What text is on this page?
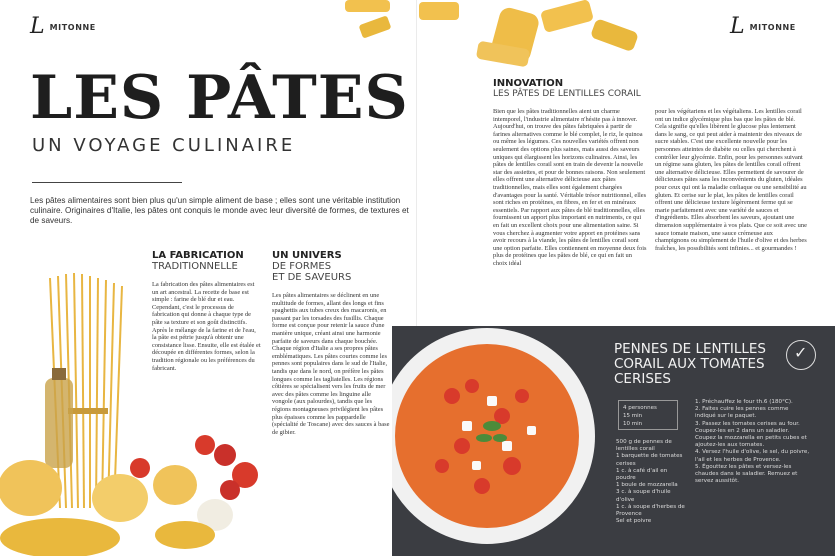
L MITONNE
LES PÂTES
UN VOYAGE CULINAIRE
Les pâtes alimentaires sont bien plus qu'un simple aliment de base ; elles sont une véritable institution culinaire. Originaires d'Italie, les pâtes ont conquis le monde avec leur diversité de formes, de textures et de saveurs.
LA FABRICATION
TRADITIONNELLE
La fabrication des pâtes alimentaires est un art ancestral. La recette de base est simple : farine de blé dur et eau. Cependant, c'est le processus de fabrication qui donne à chaque type de pâte sa texture et son goût distinctifs. Après le mélange de la farine et de l'eau, la pâte est pétrie jusqu'à obtenir une consistance lisse. Ensuite, elle est étalée et découpée en différentes formes, selon la tradition régionale ou les préférences du fabricant.
UN UNIVERS
DE FORMES
ET DE SAVEURS
Les pâtes alimentaires se déclinent en une multitude de formes, allant des longs et fins spaghettis aux tubes creux des macaronis, en passant par les torsades des fusillis. Chaque forme est conçue pour retenir la sauce d'une manière unique, créant ainsi une harmonie parfaite de saveurs dans chaque bouchée. Chaque région d'Italie a ses propres pâtes emblématiques. Les pâtes courtes comme les pennes sont populaires dans le sud de l'Italie, tandis que dans le nord, on préfère les pâtes longues comme les tagliatelles. Les régions côtières se spécialisent vers les fruits de mer avec des pâtes comme les linguine alle vongole (aux palourdes), tandis que les régions montagneuses privilégient les pâtes plus épaisses comme les pappardelle (spécialité de Toscane) avec des sauces à base de gibier.
L MITONNE
INNOVATION
LES PÂTES DE LENTILLES CORAIL
Bien que les pâtes traditionnelles aient un charme intemporel, l'industrie alimentaire n'hésite pas à innover. Aujourd'hui, on trouve des pâtes fabriquées à partir de farines alternatives comme le blé complet, le riz, le quinoa ou même les légumes. Ces nouvelles variétés offrent non seulement des options plus saines, mais aussi des saveurs uniques qui élargissent les horizons culinaires. Ainsi, les pâtes de lentilles corail sont en train de devenir la nouvelle star des assiettes, et pour de bonnes raisons. Non seulement elles offrent une alternative délicieuse aux pâtes traditionnelles, mais elles sont également chargées d'avantages pour la santé. Véritable trésor nutritionnel, elles sont riches en protéines, en fibres, en fer et en minéraux essentiels. Par rapport aux pâtes de blé traditionnelles, elles fournissent un apport plus important en nutriments, ce qui en fait un excellent choix pour une alimentation saine. Si vous cherchez à augmenter votre apport en protéines sans avoir recours à la viande, les pâtes de lentilles corail sont une option parfaite. Elles contiennent en moyenne deux fois plus de protéines que les pâtes de blé, ce qui en fait un choix idéal
pour les végétariens et les végétaliens. Les lentilles corail ont un indice glycémique plus bas que les pâtes de blé. Cela signifie qu'elles libèrent le glucose plus lentement dans le sang, ce qui peut aider à maintenir des niveaux de sucre stables. C'est une excellente nouvelle pour les personnes atteintes de diabète ou celles qui cherchent à contrôler leur glycémie. Enfin, pour les personnes suivant un régime sans gluten, les pâtes de lentilles corail offrent une alternative délicieuse. Elles permettent de savourer de délicieuses pâtes sans les inconvénients du gluten, idéales pour ceux qui ont la maladie cœliaque ou une sensibilité au gluten. Et cerise sur le plat, les pâtes de lentilles corail offrent une délicieuse texture légèrement ferme qui se marie parfaitement avec une variété de sauces et d'ingrédients. Elles absorbent les saveurs, ajoutant une dimension supplémentaire à vos plats. Que ce soit avec une sauce tomate maison, une sauce crémeuse aux champignons ou simplement de l'huile d'olive et des herbes fraîches, les possibilités sont infinies... et gourmandes !
PENNES DE LENTILLES CORAIL AUX TOMATES CERISES
✓
4 personnes
15 min
10 min
500 g de pennes de lentilles corail
1 barquette de tomates cerises
1 c. à café d'ail en poudre
1 boule de mozzarella
3 c. à soupe d'huile d'olive
1 c. à soupe d'herbes de Provence
Sel et poivre
1. Préchauffez le four th.6 (180°C).
2. Faites cuire les pennes comme indiqué sur le paquet.
3. Passez les tomates cerises au four. Coupez-les en 2 dans un saladier. Coupez la mozzarella en petits cubes et ajoutez-les aux tomates.
4. Versez l'huile d'olive, le sel, du poivre, l'ail et les herbes de Provence.
5. Égouttez les pâtes et versez-les chaudes dans le saladier. Remuez et servez aussitôt.
